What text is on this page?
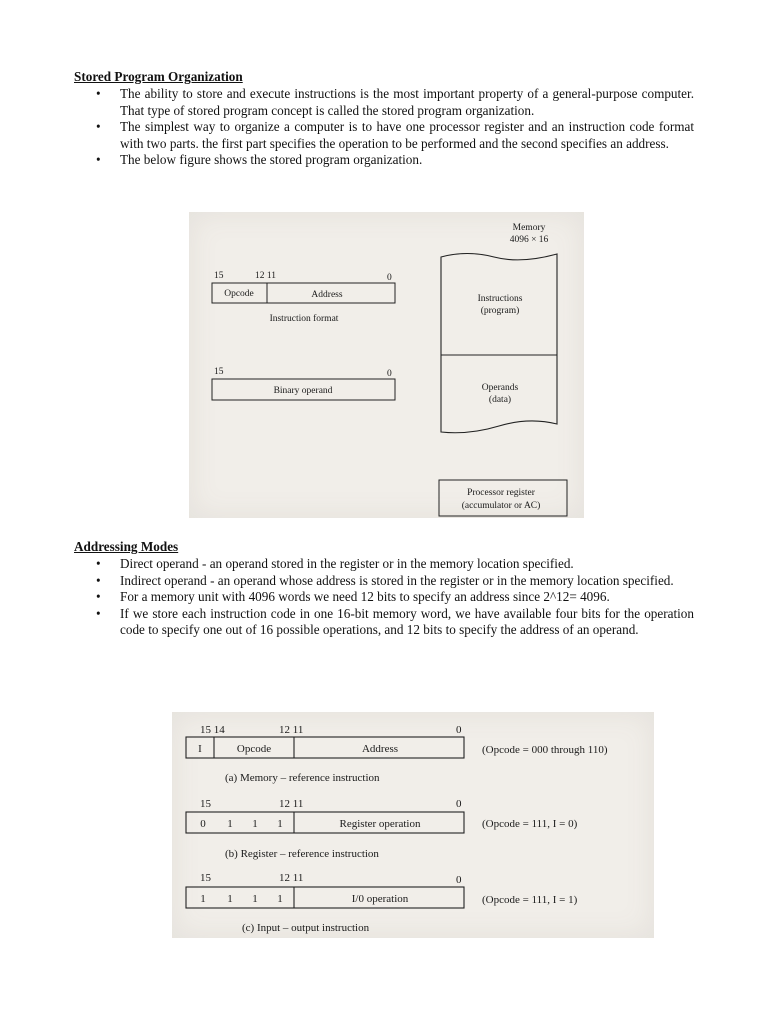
Stored Program Organization
• The ability to store and execute instructions is the most important property of a general-purpose computer. That type of stored program concept is called the stored program organization.
• The simplest way to organize a computer is to have one processor register and an instruction code format with two parts. the first part specifies the operation to be performed and the second specifies an address.
• The below figure shows the stored program organization.
15	12 11	0
Opcode	Address
Instruction format
15	0
Binary operand
Memory
4096 × 16
Instructions
(program)
Operands
(data)
Processor register
(accumulator or AC)
Addressing Modes
• Direct operand - an operand stored in the register or in the memory location specified.
• Indirect operand - an operand whose address is stored in the register or in the memory location specified.
• For a memory unit with 4096 words we need 12 bits to specify an address since 2^12= 4096.
• If we store each instruction code in one 16-bit memory word, we have available four bits for the operation code to specify one out of 16 possible operations, and 12 bits to specify the address of an operand.
15 14	12 11	0
I	Opcode	Address	(Opcode = 000 through 110)
(a) Memory – reference instruction
15	12 11	0
0 1 1 1	Register operation	(Opcode = 111, I = 0)
(b) Register – reference instruction
15	12 11	0
1 1 1 1	I/0 operation	(Opcode = 111, I = 1)
(c) Input – output instruction
